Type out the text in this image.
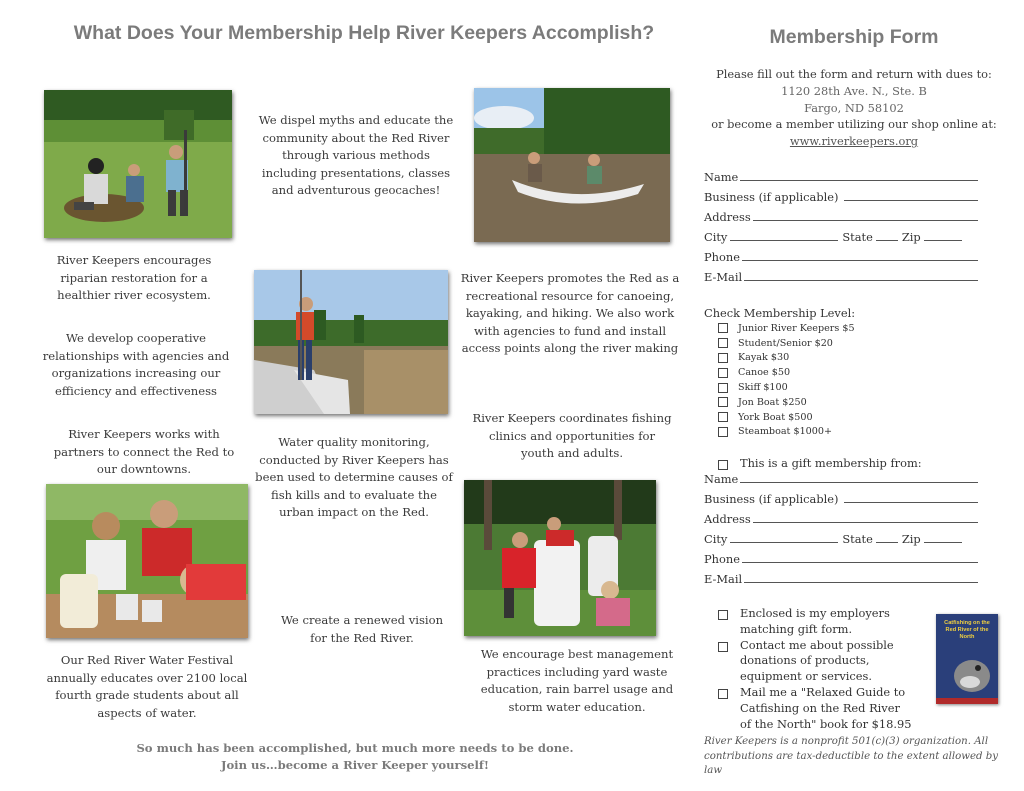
What Does Your Membership Help River Keepers Accomplish?
We dispel myths and educate the community about the Red River through various methods including presentations, classes and adventurous geocaches!
River Keepers encourages riparian restoration for a healthier river ecosystem.
River Keepers promotes the Red as a recreational resource for canoeing, kayaking, and hiking. We also work with agencies to fund and install access points along the river making
We develop cooperative relationships with agencies and organizations increasing our efficiency and effectiveness
River Keepers coordinates fishing clinics and opportunities for youth and adults.
River Keepers works with partners to connect the Red to our downtowns.
Water quality monitoring, conducted by River Keepers has been used to determine causes of fish kills and to evaluate the urban impact on the Red.
We create a renewed vision for the Red River.
Our Red River Water Festival annually educates over 2100 local fourth grade students about all aspects of water.
We encourage best management practices including yard waste education, rain barrel usage and storm water education.
So much has been accomplished, but much more needs to be done.
Join us…become a River Keeper yourself!
Membership Form
Please fill out the form and return with dues to:
1120 28th Ave. N., Ste. B
Fargo, ND 58102
or become a member utilizing our shop online at:
www.riverkeepers.org
Name
Business (if applicable)
Address
City	State	Zip
Phone
E-Mail
Check Membership Level:
Junior River Keepers $5
Student/Senior $20
Kayak $30
Canoe $50
Skiff $100
Jon Boat $250
York Boat $500
Steamboat $1000+
This is a gift membership from:
Name
Business (if applicable)
Address
City	State	Zip
Phone
E-Mail
Enclosed is my employers matching gift form.
Contact me about possible donations of products, equipment or services.
Mail me a "Relaxed Guide to Catfishing on the Red River of the North" book for $18.95
Catfishing on the Red River of the North
River Keepers is a nonprofit 501(c)(3) organization. All contributions are tax-deductible to the extent allowed by law
